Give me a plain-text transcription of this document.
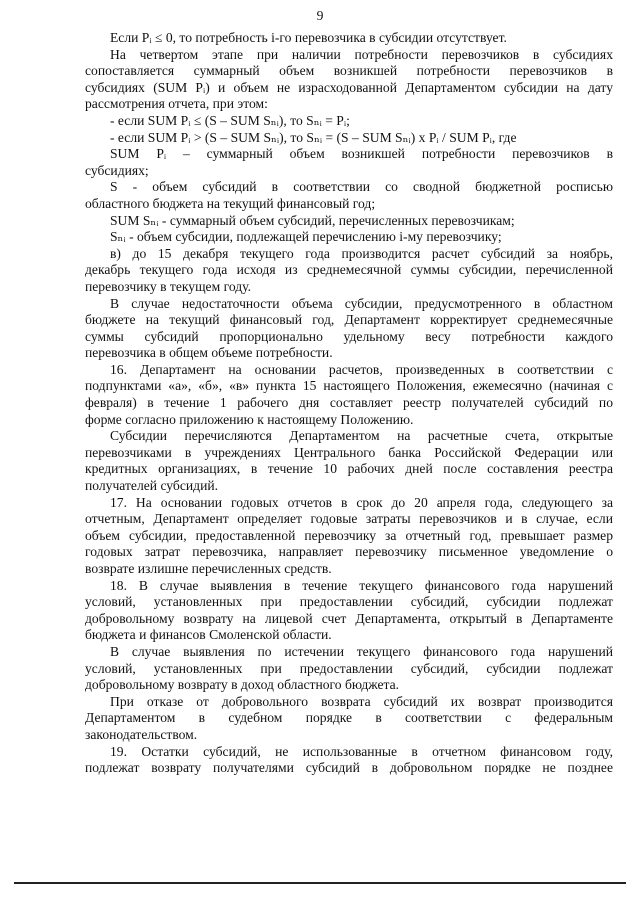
9
Если Pᵢ ≤ 0, то потребность i-го перевозчика в субсидии отсутствует.
На четвертом этапе при наличии потребности перевозчиков в субсидиях
сопоставляется суммарный объем возникшей потребности перевозчиков в
субсидиях (SUM Pᵢ) и объем не израсходованной Департаментом субсидии на дату
рассмотрения отчета, при этом:
- если SUM Pᵢ ≤ (S – SUM Sₙᵢ), то Sₙᵢ = Pᵢ;
- если SUM Pᵢ > (S – SUM Sₙᵢ), то Sₙᵢ = (S – SUM Sₙᵢ) x Pᵢ / SUM Pᵢ, где
SUM Pᵢ – суммарный объем возникшей потребности перевозчиков в
субсидиях;
S - объем субсидий в соответствии со сводной бюджетной росписью
областного бюджета на текущий финансовый год;
SUM Sₙᵢ - суммарный объем субсидий, перечисленных перевозчикам;
Sₙᵢ - объем субсидии, подлежащей перечислению i-му перевозчику;
в) до 15 декабря текущего года производится расчет субсидий за ноябрь,
декабрь текущего года исходя из среднемесячной суммы субсидии, перечисленной
перевозчику в текущем году.
В случае недостаточности объема субсидии, предусмотренного в областном
бюджете на текущий финансовый год, Департамент корректирует среднемесячные
суммы субсидий пропорционально удельному весу потребности каждого
перевозчика в общем объеме потребности.
16. Департамент на основании расчетов, произведенных в соответствии с
подпунктами «а», «б», «в» пункта 15 настоящего Положения, ежемесячно (начиная с
февраля) в течение 1 рабочего дня составляет реестр получателей субсидий по
форме согласно приложению к настоящему Положению.
Субсидии перечисляются Департаментом на расчетные счета, открытые
перевозчиками в учреждениях Центрального банка Российской Федерации или
кредитных организациях, в течение 10 рабочих дней после составления реестра
получателей субсидий.
17. На основании годовых отчетов в срок до 20 апреля года, следующего за
отчетным, Департамент определяет годовые затраты перевозчиков и в случае, если
объем субсидии, предоставленной перевозчику за отчетный год, превышает размер
годовых затрат перевозчика, направляет перевозчику письменное уведомление о
возврате излишне перечисленных средств.
18. В случае выявления в течение текущего финансового года нарушений
условий, установленных при предоставлении субсидий, субсидии подлежат
добровольному возврату на лицевой счет Департамента, открытый в Департаменте
бюджета и финансов Смоленской области.
В случае выявления по истечении текущего финансового года нарушений
условий, установленных при предоставлении субсидий, субсидии подлежат
добровольному возврату в доход областного бюджета.
При отказе от добровольного возврата субсидий их возврат производится
Департаментом в судебном порядке в соответствии с федеральным
законодательством.
19. Остатки субсидий, не использованные в отчетном финансовом году,
подлежат возврату получателями субсидий в добровольном порядке не позднее
